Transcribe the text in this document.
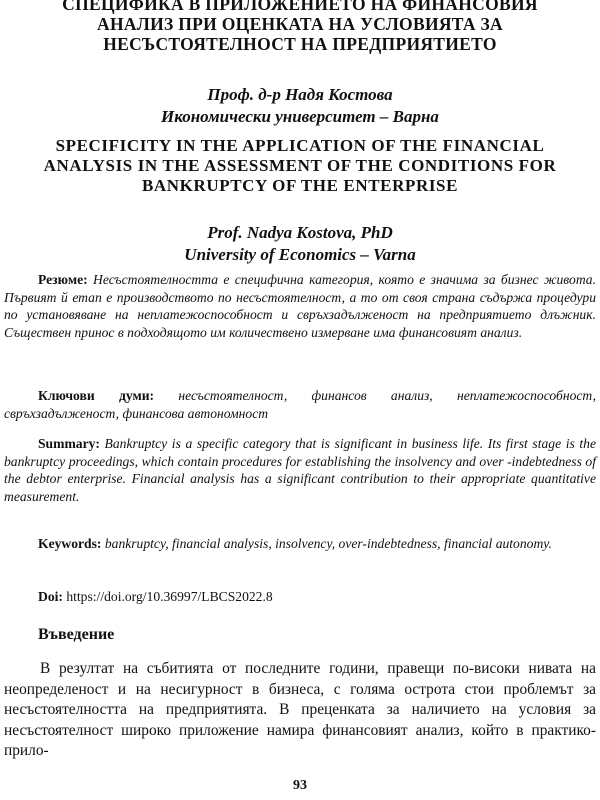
СПЕЦИФИКА В ПРИЛОЖЕНИЕТО НА ФИНАНСОВИЯ АНАЛИЗ ПРИ ОЦЕНКАТА НА УСЛОВИЯТА ЗА НЕСЪСТОЯТЕЛНОСТ НА ПРЕДПРИЯТИЕТО
Проф. д-р Надя Костова
Икономически университет – Варна
SPECIFICITY IN THE APPLICATION OF THE FINANCIAL ANALYSIS IN THE ASSESSMENT OF THE CONDITIONS FOR BANKRUPTCY OF THE ENTERPRISE
Prof. Nadya Kostova, PhD
University of Economics – Varna
Резюме: Несъстоятелността е специфична категория, която е значима за бизнес живота. Първият й етап е производството по несъстоятелност, а то от своя страна съдържа процедури по установяване на неплатежоспособност и свръхзадълженост на предприятието длъжник. Съществен принос в подходящото им количествено измерване има финансовият анализ.
Ключови думи: несъстоятелност, финансов анализ, неплатежоспособност, свръхзадълженост, финансова автономност
Summary: Bankruptcy is a specific category that is significant in business life. Its first stage is the bankruptcy proceedings, which contain procedures for establishing the insolvency and over -indebtedness of the debtor enterprise. Financial analysis has a significant contribution to their appropriate quantitative measurement.
Keywords: bankruptcy, financial analysis, insolvency, over-indebtedness, financial autonomy.
Doi: https://doi.org/10.36997/LBCS2022.8
Въведение
В резултат на събитията от последните години, правещи по-високи нивата на неопределеност и на несигурност в бизнеса, с голяма острота стои проблемът за несъстоятелността на предприятията. В преценката за наличието на условия за несъстоятелност широко приложение намира финансовият анализ, който в практико-прило-
93
